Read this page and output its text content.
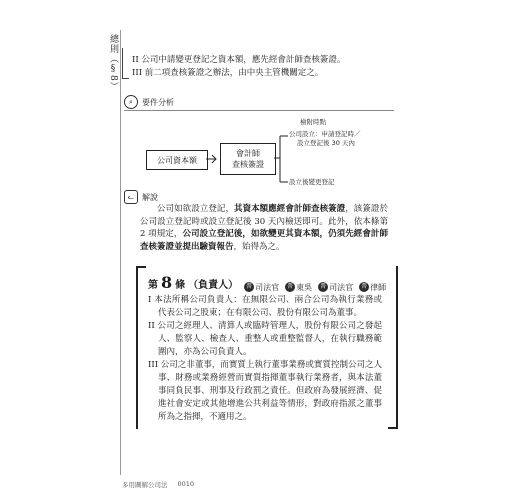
總則（§8） II 公司中請變更登記之資本額，應先經會計師查核簽證。
III 前二項查核簽證之辦法，由中央主管機關定之。
⌕	要件分析
檢附時點
公司資本額
會計師
查核簽證
公司設立：申請登記時／
設立登記後 30 天內
設立後變更登記
ᓚ	解說
公司如欲設立登記，其資本額應經會計師查核簽證，該簽證於公司設立登記時或設立登記後 30 天內檢送即可。此外，依本條第 2 項規定，公司設立登記後，如欲變更其資本額，仍須先經會計師查核簽證並提出驗資報告，始得為之。
第 8 條 （負責人）	普 司法官	普 東吳	普 司法官	普 律師
I 本法所稱公司負責人：在無限公司、兩合公司為執行業務或代表公司之股東；在有限公司、股份有限公司為董事。
II 公司之經理人、清算人或臨時管理人，股份有限公司之發起人、監察人、檢查人、重整人或重整監督人，在執行職務範圍內，亦為公司負責人。
III 公司之非董事，而實質上執行董事業務或實質控制公司之人事、財務或業務經營而實質指揮董事執行業務者，與本法董事同負民事、刑事及行政罰之責任。但政府為發展經濟、促進社會安定或其他增進公共利益等情形，對政府指派之董事所為之指揮，不適用之。
多用圖解公司法 0010
